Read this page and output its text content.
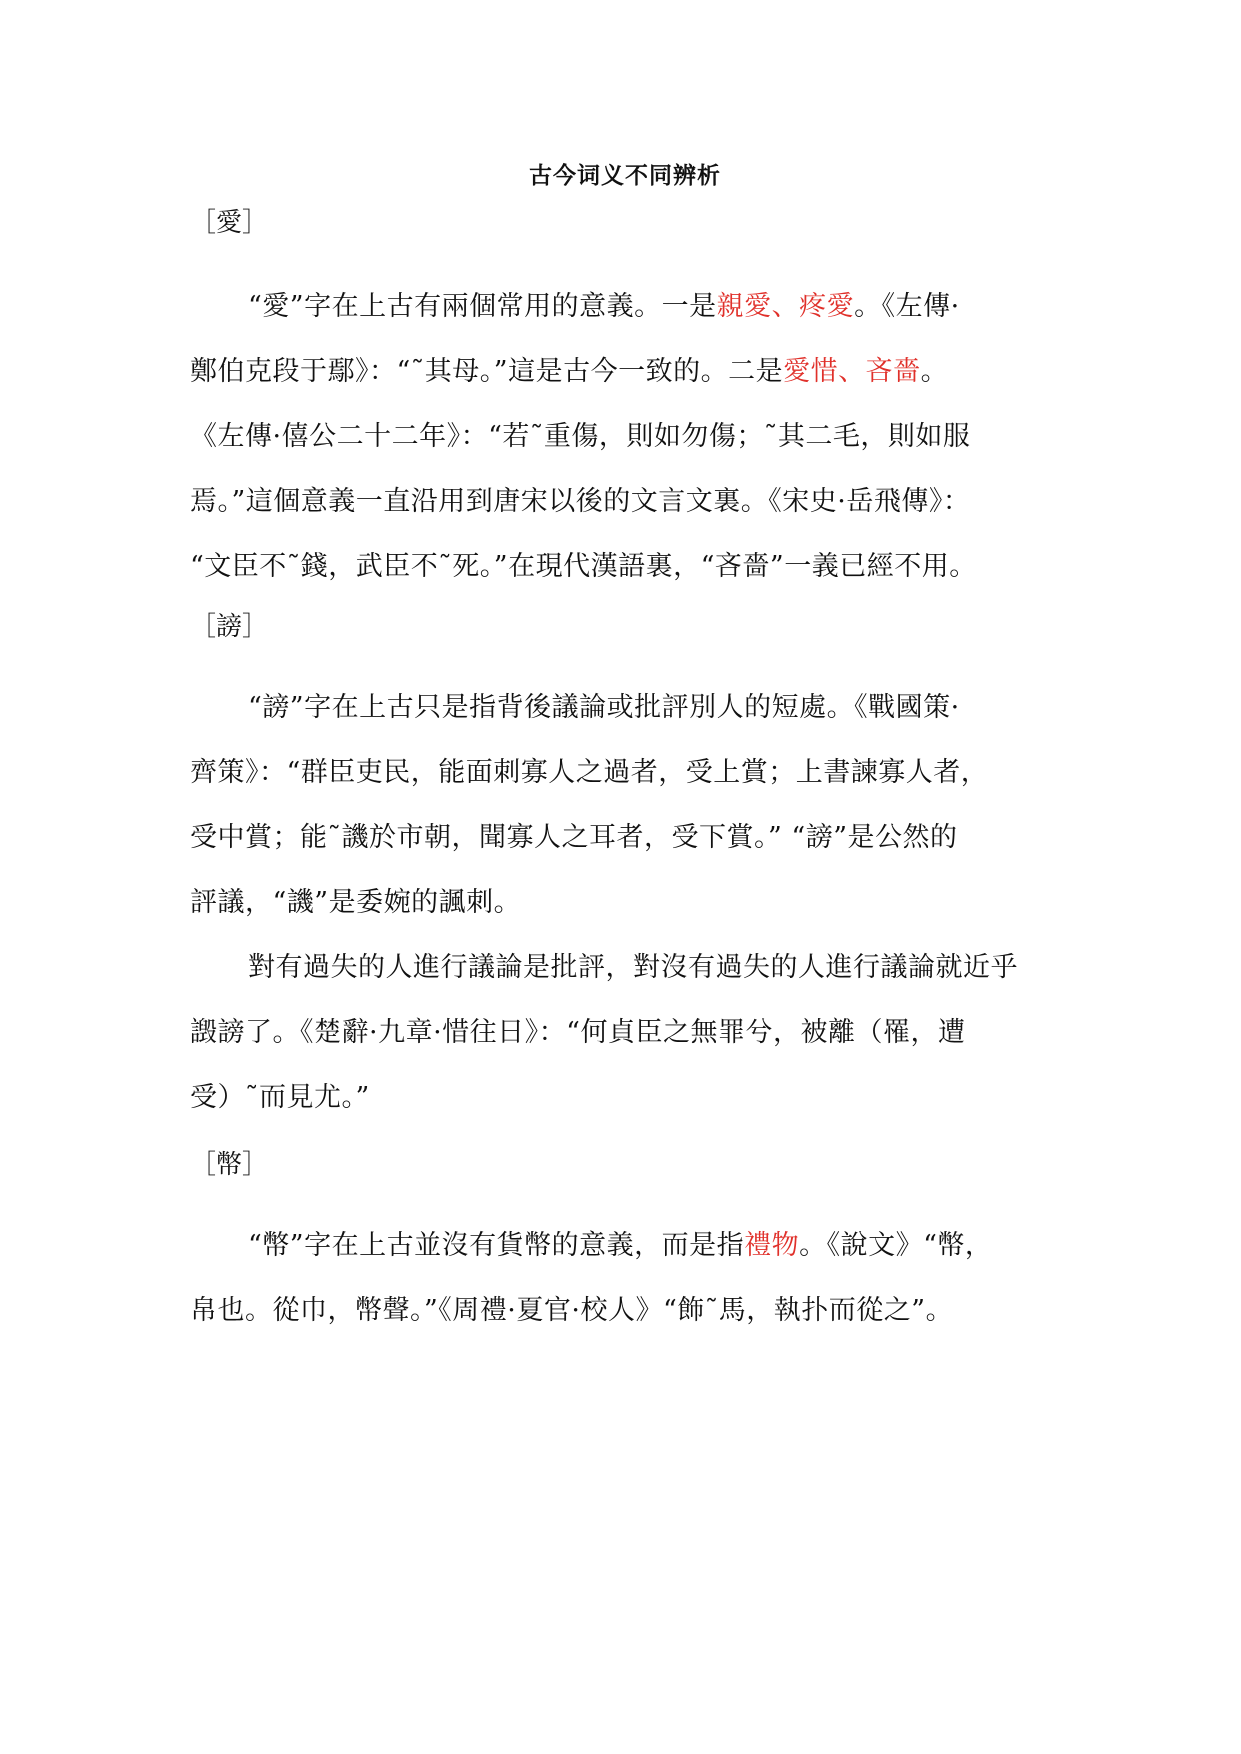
古今词义不同辨析
［愛］
“愛”字在上古有兩個常用的意義。一是親愛、疼愛。《左傳·
鄭伯克段于鄢》：“˜其母。”這是古今一致的。二是愛惜、吝嗇。
《左傳·僖公二十二年》：“若˜重傷，則如勿傷；˜其二毛，則如服
焉。”這個意義一直沿用到唐宋以後的文言文裏。《宋史·岳飛傳》：
“文臣不˜錢，武臣不˜死。”在現代漢語裏，“吝嗇”一義已經不用。
［謗］
“謗”字在上古只是指背後議論或批評別人的短處。《戰國策·
齊策》：“群臣吏民，能面刺寡人之過者，受上賞；上書諫寡人者，
受中賞；能˜譏於市朝，聞寡人之耳者，受下賞。” “謗”是公然的
評議，“譏”是委婉的諷刺。
對有過失的人進行議論是批評，對沒有過失的人進行議論就近乎
譭謗了。《楚辭·九章·惜往日》：“何貞臣之無罪兮，被離（罹，遭
受）˜而見尤。”
［幣］
“幣”字在上古並沒有貨幣的意義，而是指禮物。《說文》“幣，
帛也。從巾，幣聲。”《周禮·夏官·校人》“飾˜馬，執扑而從之”。
